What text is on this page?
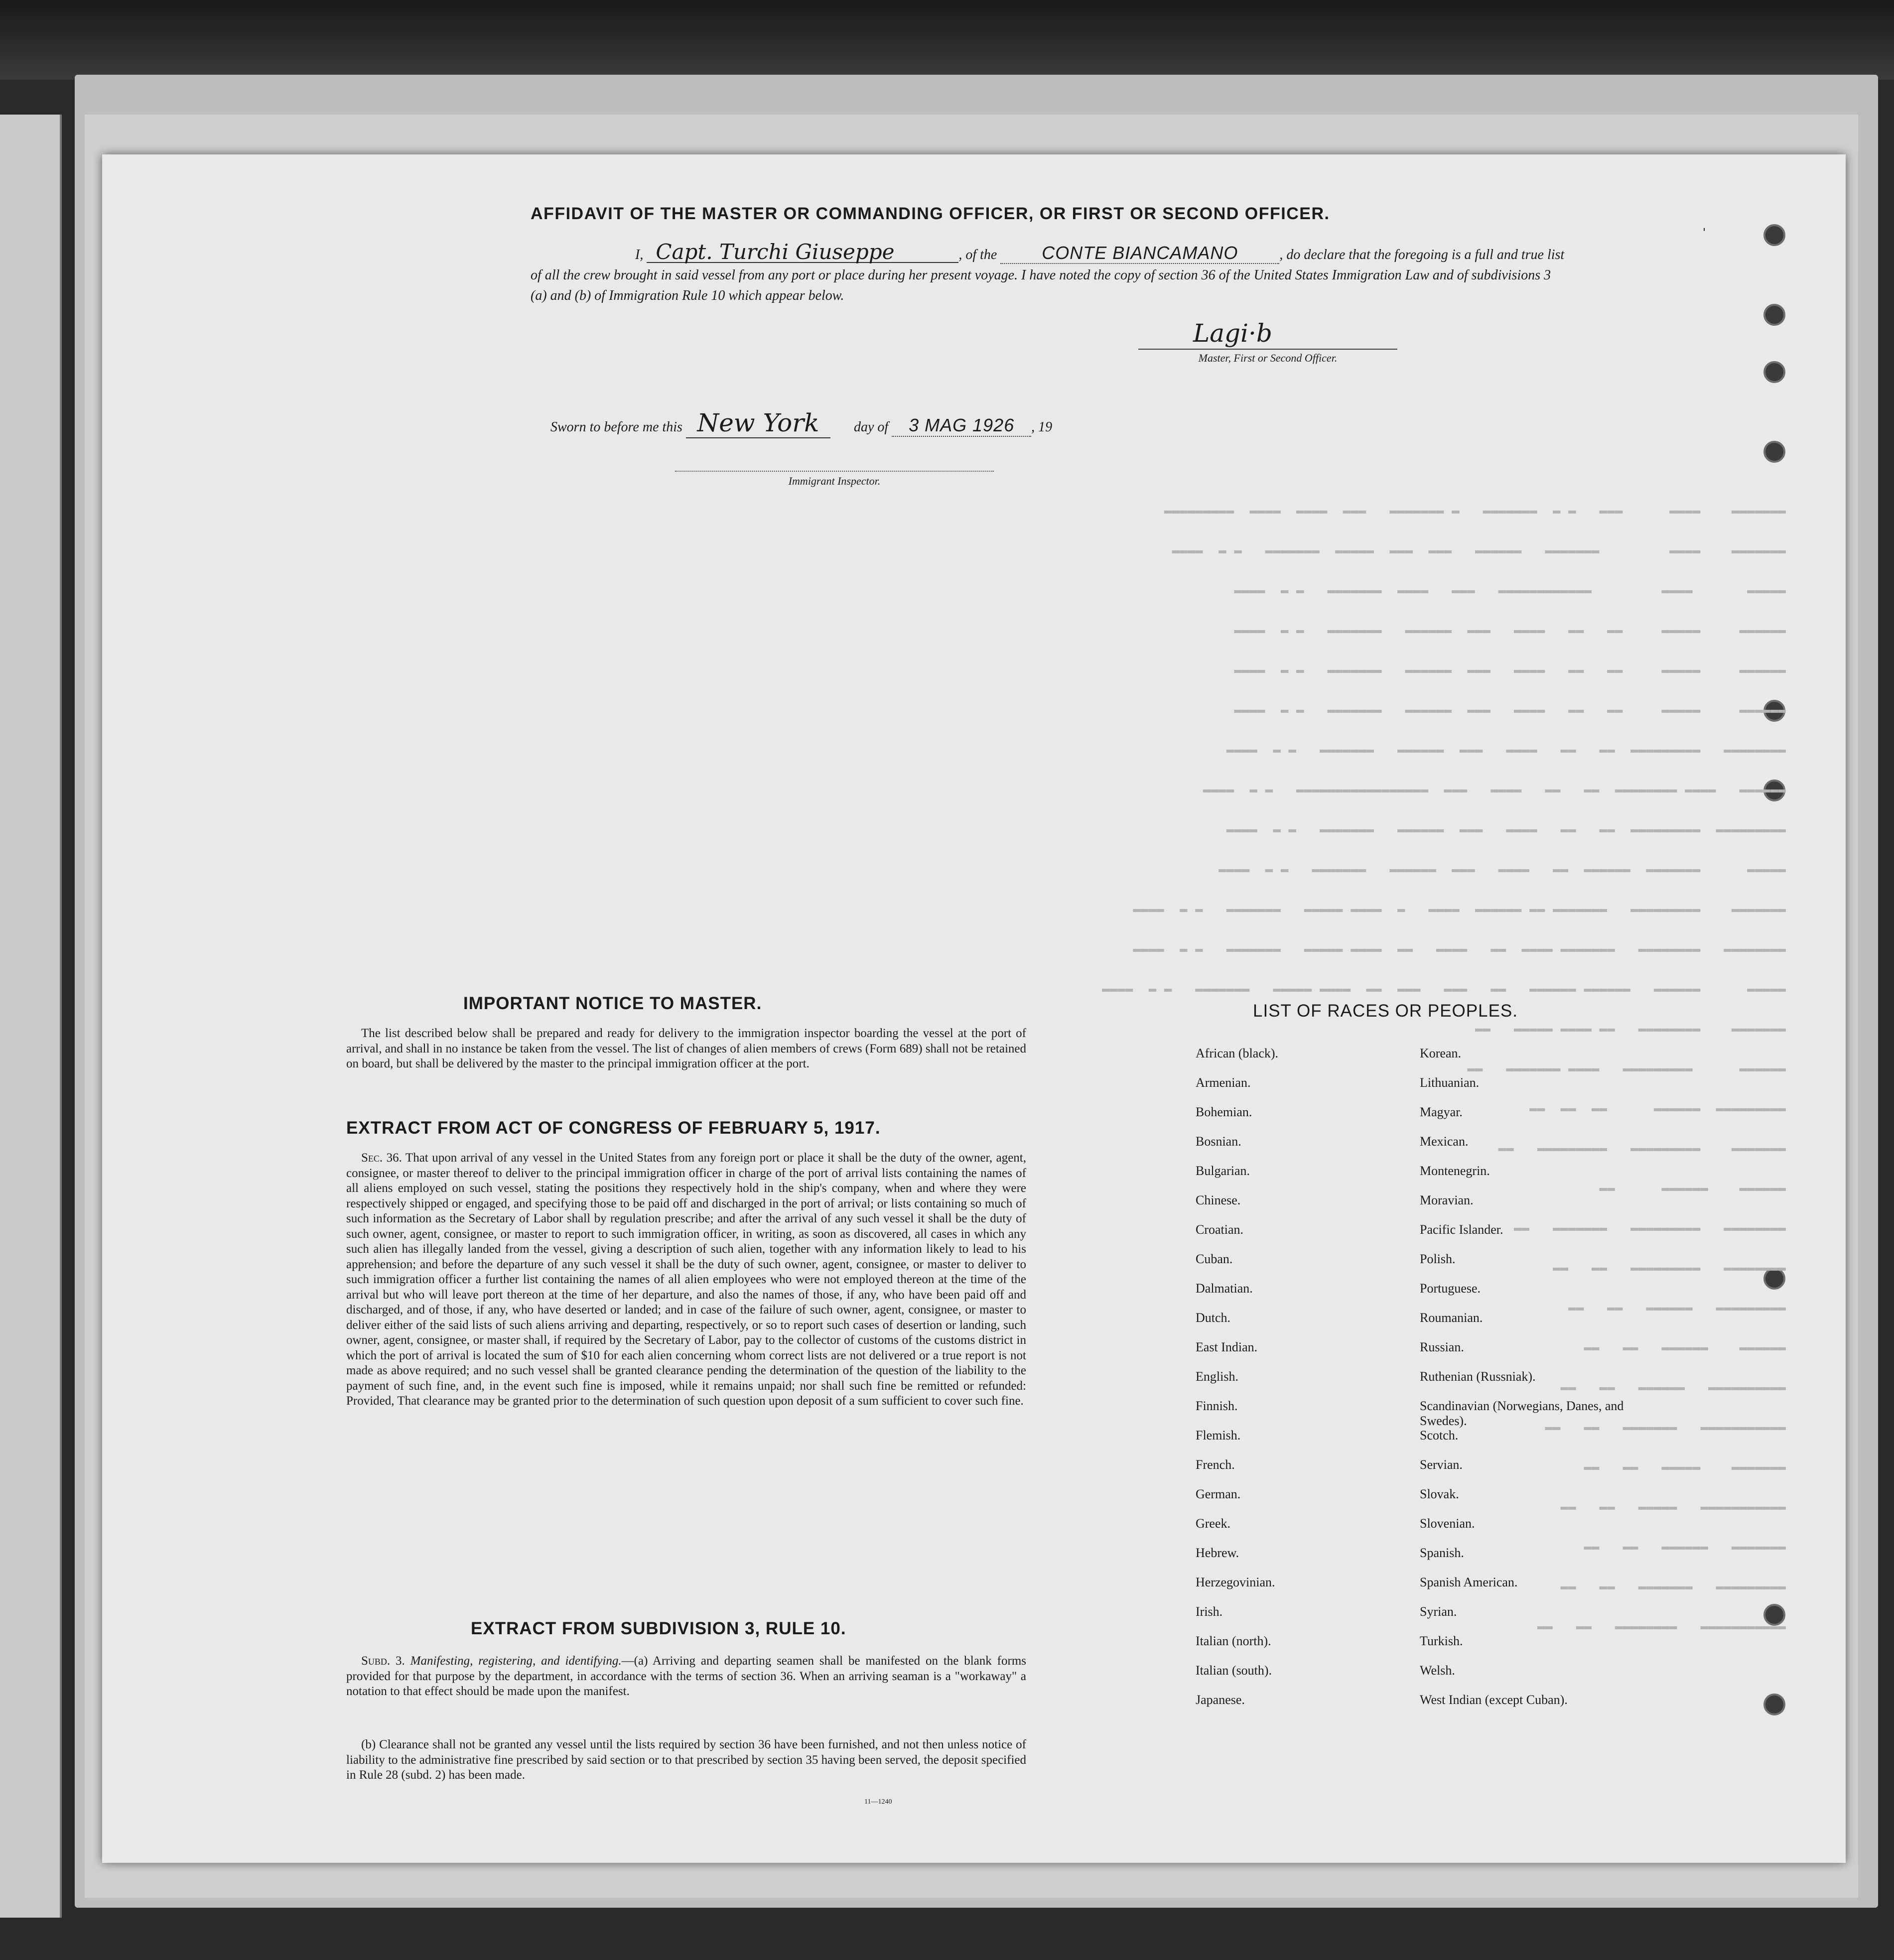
ˈ
▬▬▬▬▬▬▬    ▬▬▬▬      ▬▬▬   ▬ ▬  ▬▬▬▬▬▬▬   ▬ ▬▬▬▬▬▬▬   ▬▬▬  ▬▬▬▬  ▬▬▬▬  ▬▬▬▬▬▬▬▬▬
▬▬▬▬▬▬▬    ▬▬▬▬         ▬▬▬▬▬▬▬   ▬▬▬▬▬▬   ▬▬▬  ▬▬▬  ▬▬▬▬▬  ▬▬▬▬▬▬▬   ▬ ▬  ▬▬▬▬
▬▬▬▬▬       ▬▬▬▬         ▬▬▬▬▬▬▬▬▬▬▬▬   ▬▬▬   ▬▬▬▬  ▬▬▬▬▬▬▬   ▬ ▬  ▬▬▬▬
▬▬▬▬▬▬     ▬▬▬▬▬     ▬▬   ▬▬   ▬▬▬▬   ▬▬▬  ▬▬▬▬▬▬   ▬▬▬▬▬▬▬   ▬ ▬  ▬▬▬▬
▬▬▬▬▬▬     ▬▬▬▬▬     ▬▬   ▬▬   ▬▬▬▬   ▬▬▬  ▬▬▬▬▬▬   ▬▬▬▬▬▬▬   ▬ ▬  ▬▬▬▬
▬▬▬▬▬▬     ▬▬▬▬▬     ▬▬   ▬▬   ▬▬▬▬   ▬▬▬  ▬▬▬▬▬▬   ▬▬▬▬▬▬▬   ▬ ▬  ▬▬▬▬
▬▬▬▬▬▬▬▬   ▬▬▬▬▬▬▬▬▬  ▬▬   ▬▬   ▬▬▬▬   ▬▬▬  ▬▬▬▬▬▬   ▬▬▬▬▬▬▬   ▬ ▬  ▬▬▬▬
▬▬▬▬▬▬   ▬▬▬▬ ▬▬▬▬▬▬▬▬  ▬▬   ▬▬   ▬▬▬▬   ▬▬▬  ▬▬▬▬▬▬▬▬▬▬▬▬▬▬▬▬▬   ▬ ▬  ▬▬▬▬
▬▬▬▬▬▬▬▬▬  ▬▬▬▬▬▬▬▬▬  ▬▬   ▬▬   ▬▬▬▬   ▬▬▬  ▬▬▬▬▬▬   ▬▬▬▬▬▬▬   ▬ ▬  ▬▬▬▬
▬▬▬▬▬      ▬▬▬▬▬▬▬  ▬▬▬▬▬▬  ▬▬   ▬▬▬▬   ▬▬▬  ▬▬▬▬▬▬   ▬▬▬▬▬▬▬   ▬ ▬  ▬▬▬▬
▬▬▬▬▬▬▬    ▬▬▬▬▬▬▬▬▬   ▬▬▬▬▬▬▬ ▬▬ ▬▬▬▬▬▬  ▬▬▬▬   ▬  ▬▬▬▬ ▬▬▬▬▬   ▬▬▬▬▬▬▬   ▬ ▬  ▬▬▬▬
▬▬▬▬▬▬▬▬   ▬▬▬▬▬▬▬▬   ▬▬▬▬▬▬▬ ▬▬▬▬  ▬▬   ▬▬▬▬   ▬▬  ▬▬▬▬ ▬▬▬▬▬   ▬▬▬▬▬▬▬   ▬ ▬  ▬▬▬▬
▬▬▬▬▬      ▬▬▬▬▬▬   ▬▬▬▬▬▬ ▬▬▬▬▬▬   ▬▬   ▬▬▬   ▬▬▬  ▬▬  ▬▬▬▬ ▬▬▬▬▬   ▬▬▬▬▬▬▬   ▬ ▬  ▬▬▬▬
▬▬▬▬▬▬▬    ▬▬▬▬▬▬▬▬   ▬▬ ▬▬▬▬ ▬▬▬▬▬   ▬▬
▬▬▬▬▬▬      ▬▬▬▬▬▬▬▬▬   ▬▬▬▬ ▬▬▬▬▬▬▬   ▬▬
▬▬▬▬▬▬▬▬▬  ▬▬▬▬▬▬      ▬▬  ▬▬  ▬▬
▬▬▬▬▬▬▬    ▬▬▬▬▬▬▬▬▬   ▬▬▬▬▬▬▬▬▬   ▬▬
▬▬▬▬▬▬    ▬▬▬▬▬▬      ▬▬
▬▬▬▬▬▬▬▬   ▬▬▬▬▬▬▬▬▬   ▬▬▬▬▬▬▬   ▬▬
▬▬▬▬▬▬▬▬   ▬▬▬▬▬▬▬▬▬   ▬▬   ▬▬
▬▬▬▬▬▬▬▬▬   ▬▬▬▬▬▬   ▬▬   ▬▬
▬▬▬▬▬▬    ▬▬▬▬▬▬   ▬▬   ▬▬
▬▬▬▬▬▬▬▬▬▬   ▬▬▬▬▬▬   ▬▬   ▬▬
▬▬▬▬▬▬▬▬▬▬▬   ▬▬▬▬▬▬▬   ▬▬   ▬▬
▬▬▬▬▬▬▬    ▬▬▬▬▬   ▬▬   ▬▬
▬▬▬▬▬▬▬▬▬▬▬   ▬▬▬▬▬   ▬▬   ▬▬
▬▬▬▬▬▬▬   ▬▬▬▬▬▬   ▬▬   ▬▬
▬▬▬▬▬▬▬▬▬   ▬▬▬▬▬▬▬   ▬▬   ▬▬
▬▬▬▬▬▬▬▬▬▬▬   ▬▬▬▬▬▬▬▬   ▬▬   ▬▬
AFFIDAVIT OF THE MASTER OR COMMANDING OFFICER, OR FIRST OR SECOND OFFICER.
I, Capt. Turchi Giuseppe	, of the CONTE BIANCAMANO	, do declare that the foregoing is a full and true list of all the crew brought in said vessel from any port or place during her present voyage. I have noted the copy of section 36 of the United States Immigration Law and of subdivisions 3 (a) and (b) of Immigration Rule 10 which appear below.
Lagi·b
Master, First or Second Officer.
Sworn to before me this New York day of 3 MAG 1926 , 19
Immigrant Inspector.
IMPORTANT NOTICE TO MASTER.
The list described below shall be prepared and ready for delivery to the immigration inspector boarding the vessel at the port of arrival, and shall in no instance be taken from the vessel. The list of changes of alien members of crews (Form 689) shall not be retained on board, but shall be delivered by the master to the principal immigration officer at the port.
EXTRACT FROM ACT OF CONGRESS OF FEBRUARY 5, 1917.
Sec. 36. That upon arrival of any vessel in the United States from any foreign port or place it shall be the duty of the owner, agent, consignee, or master thereof to deliver to the principal immigration officer in charge of the port of arrival lists containing the names of all aliens employed on such vessel, stating the positions they respectively hold in the ship's company, when and where they were respectively shipped or engaged, and specifying those to be paid off and discharged in the port of arrival; or lists containing so much of such information as the Secretary of Labor shall by regulation prescribe; and after the arrival of any such vessel it shall be the duty of such owner, agent, consignee, or master to report to such immigration officer, in writing, as soon as discovered, all cases in which any such alien has illegally landed from the vessel, giving a description of such alien, together with any information likely to lead to his apprehension; and before the departure of any such vessel it shall be the duty of such owner, agent, consignee, or master to deliver to such immigration officer a further list containing the names of all alien employees who were not employed thereon at the time of the arrival but who will leave port thereon at the time of her departure, and also the names of those, if any, who have been paid off and discharged, and of those, if any, who have deserted or landed; and in case of the failure of such owner, agent, consignee, or master to deliver either of the said lists of such aliens arriving and departing, respectively, or so to report such cases of desertion or landing, such owner, agent, consignee, or master shall, if required by the Secretary of Labor, pay to the collector of customs of the customs district in which the port of arrival is located the sum of $10 for each alien concerning whom correct lists are not delivered or a true report is not made as above required; and no such vessel shall be granted clearance pending the determination of the question of the liability to the payment of such fine, and, in the event such fine is imposed, while it remains unpaid; nor shall such fine be remitted or refunded: Provided, That clearance may be granted prior to the determination of such question upon deposit of a sum sufficient to cover such fine.
EXTRACT FROM SUBDIVISION 3, RULE 10.
Subd. 3. Manifesting, registering, and identifying.—(a) Arriving and departing seamen shall be manifested on the blank forms provided for that purpose by the department, in accordance with the terms of section 36. When an arriving seaman is a "workaway" a notation to that effect should be made upon the manifest.
(b) Clearance shall not be granted any vessel until the lists required by section 36 have been furnished, and not then unless notice of liability to the administrative fine prescribed by said section or to that prescribed by section 35 having been served, the deposit specified in Rule 28 (subd. 2) has been made.
11—1240
LIST OF RACES OR PEOPLES.
African (black).
Armenian.
Bohemian.
Bosnian.
Bulgarian.
Chinese.
Croatian.
Cuban.
Dalmatian.
Dutch.
East Indian.
English.
Finnish.
Flemish.
French.
German.
Greek.
Hebrew.
Herzegovinian.
Irish.
Italian (north).
Italian (south).
Japanese.
Korean.
Lithuanian.
Magyar.
Mexican.
Montenegrin.
Moravian.
Pacific Islander.
Polish.
Portuguese.
Roumanian.
Russian.
Ruthenian (Russniak).
Scandinavian (Norwegians, Danes, and Swedes).
Scotch.
Servian.
Slovak.
Slovenian.
Spanish.
Spanish American.
Syrian.
Turkish.
Welsh.
West Indian (except Cuban).
